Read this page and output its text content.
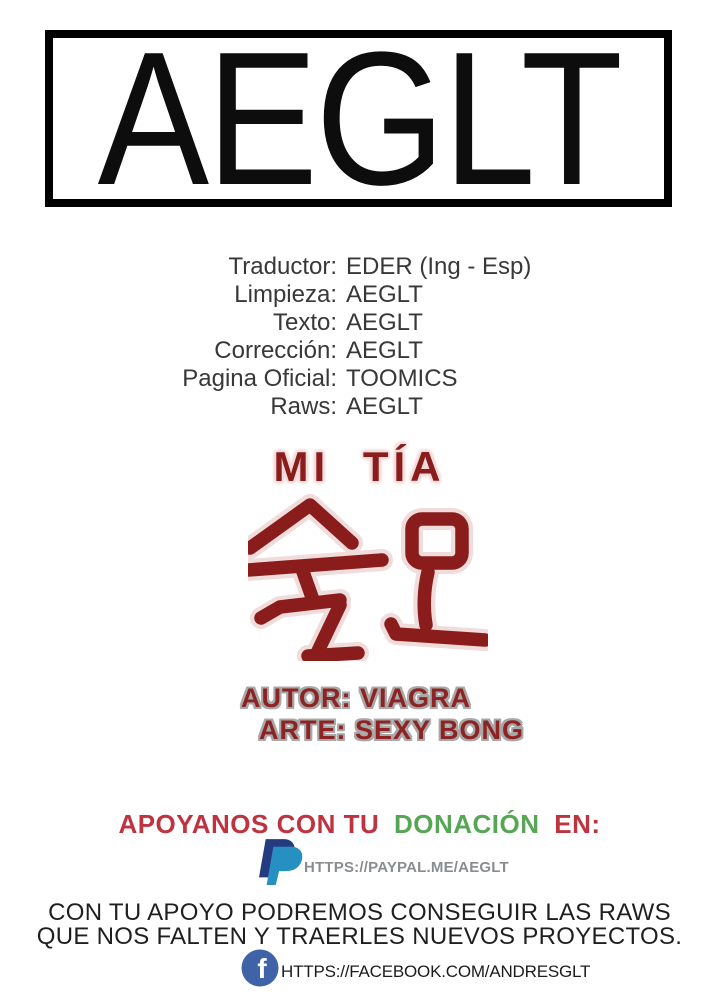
AEGLT
Traductor: EDER (Ing - Esp)
Limpieza: AEGLT
Texto: AEGLT
Corrección: AEGLT
Pagina Oficial: TOOMICS
Raws: AEGLT
MI TÍA
AUTOR: VIAGRA
ARTE: SEXY BONG
APOYANOS CON TU DONACIÓN EN:
HTTPS://PAYPAL.ME/AEGLT
CON TU APOYO PODREMOS CONSEGUIR LAS RAWS
QUE NOS FALTEN Y TRAERLES NUEVOS PROYECTOS.
f HTTPS://FACEBOOK.COM/ANDRESGLT
